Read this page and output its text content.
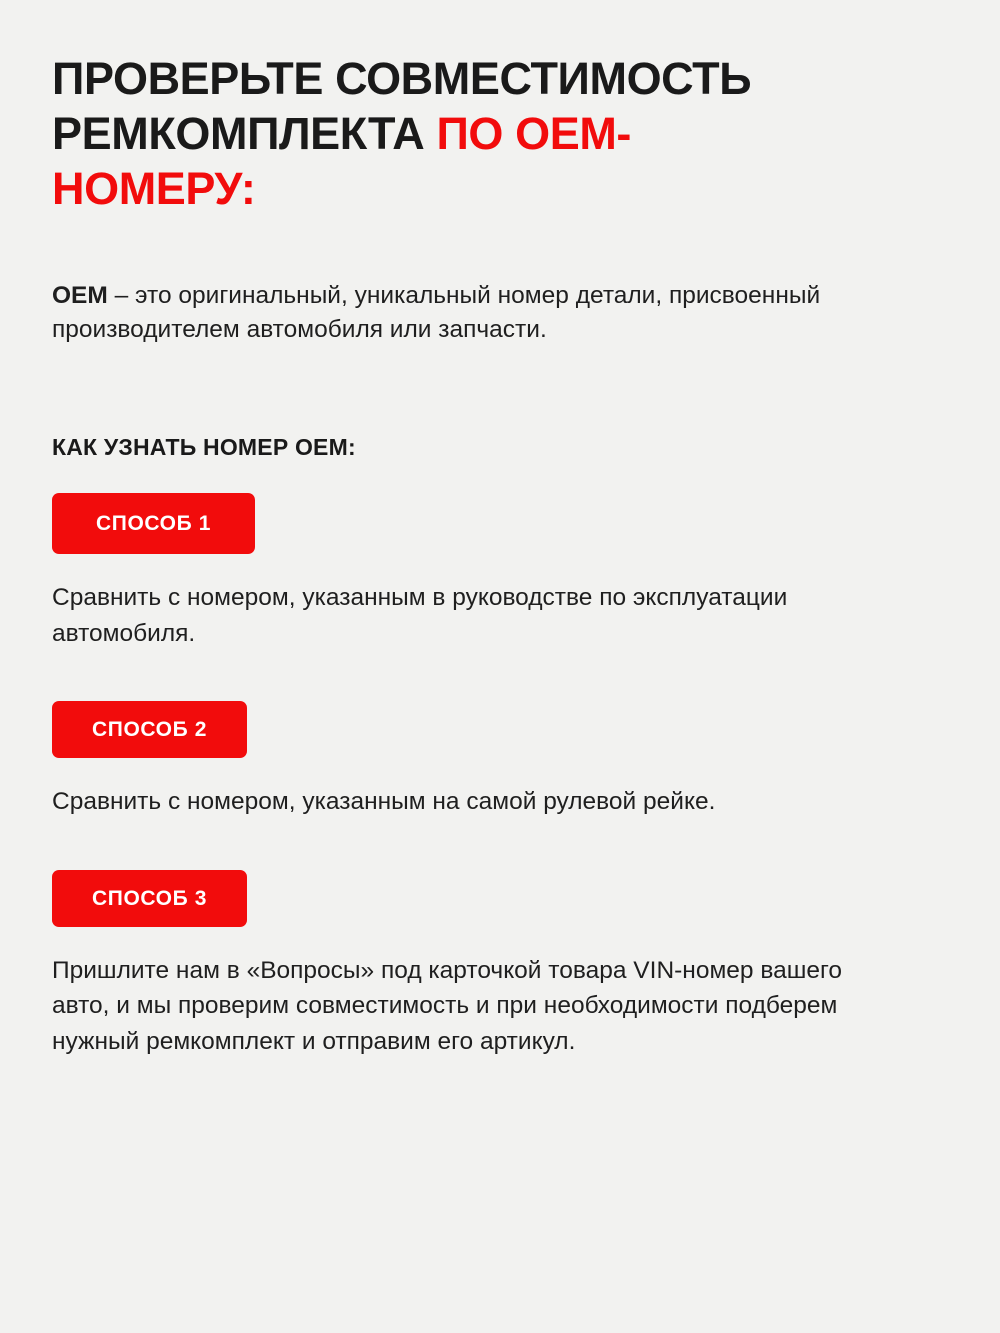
ПРОВЕРЬТЕ СОВМЕСТИМОСТЬ
РЕМКОМПЛЕКТА ПО OEM-
НОМЕРУ:

OEM – это оригинальный, уникальный номер детали, присвоенный производителем автомобиля или запчасти.

КАК УЗНАТЬ НОМЕР OEM:
СПОСОБ 1

Сравнить с номером, указанным в руководстве по эксплуатации автомобиля.

СПОСОБ 2

Сравнить с номером, указанным на самой рулевой рейке.

СПОСОБ 3

Пришлите нам в «Вопросы» под карточкой товара VIN-номер вашего авто, и мы проверим совместимость и при необходимости подберем нужный ремкомплект и отправим его артикул.
